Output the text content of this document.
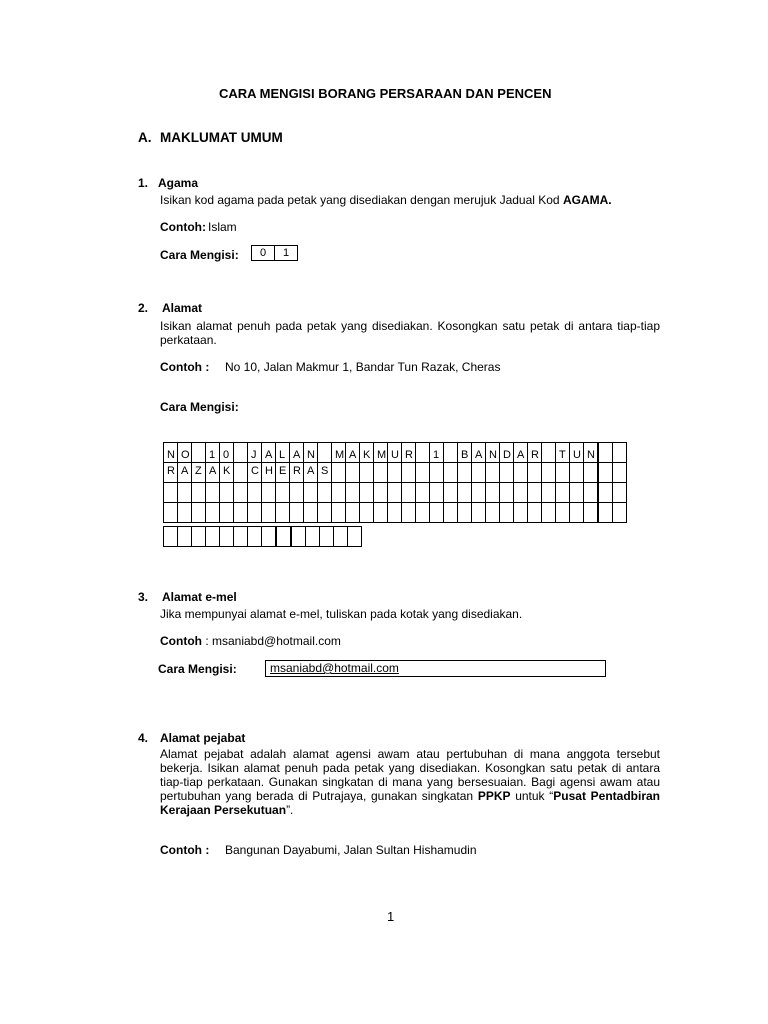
CARA MENGISI BORANG PERSARAAN DAN PENCEN
A. MAKLUMAT UMUM
1. Agama
Isikan kod agama pada petak yang disediakan dengan merujuk Jadual Kod AGAMA.
Contoh: Islam
Cara Mengisi:	0	1
2. Alamat
Isikan alamat penuh pada petak yang disediakan. Kosongkan satu petak di antara tiap-tiap perkataan.
Contoh : No 10, Jalan Makmur 1, Bandar Tun Razak, Cheras
Cara Mengisi:
N	O		1	0		J	A	L	A	N		M	A	K	M	U	R		1		B	A	N	D	A	R		T	U	N		

R	A	Z	A	K		C	H	E	R	A	S																					

3. Alamat e-mel
Jika mempunyai alamat e-mel, tuliskan pada kotak yang disediakan.
Contoh : msaniabd@hotmail.com
Cara Mengisi:	msaniabd@hotmail.com
4. Alamat pejabat
Alamat pejabat adalah alamat agensi awam atau pertubuhan di mana anggota tersebut bekerja. Isikan alamat penuh pada petak yang disediakan. Kosongkan satu petak di antara tiap-tiap perkataan. Gunakan singkatan di mana yang bersesuaian. Bagi agensi awam atau pertubuhan yang berada di Putrajaya, gunakan singkatan PPKP untuk “Pusat Pentadbiran Kerajaan Persekutuan”.
Contoh : Bangunan Dayabumi, Jalan Sultan Hishamudin
1
